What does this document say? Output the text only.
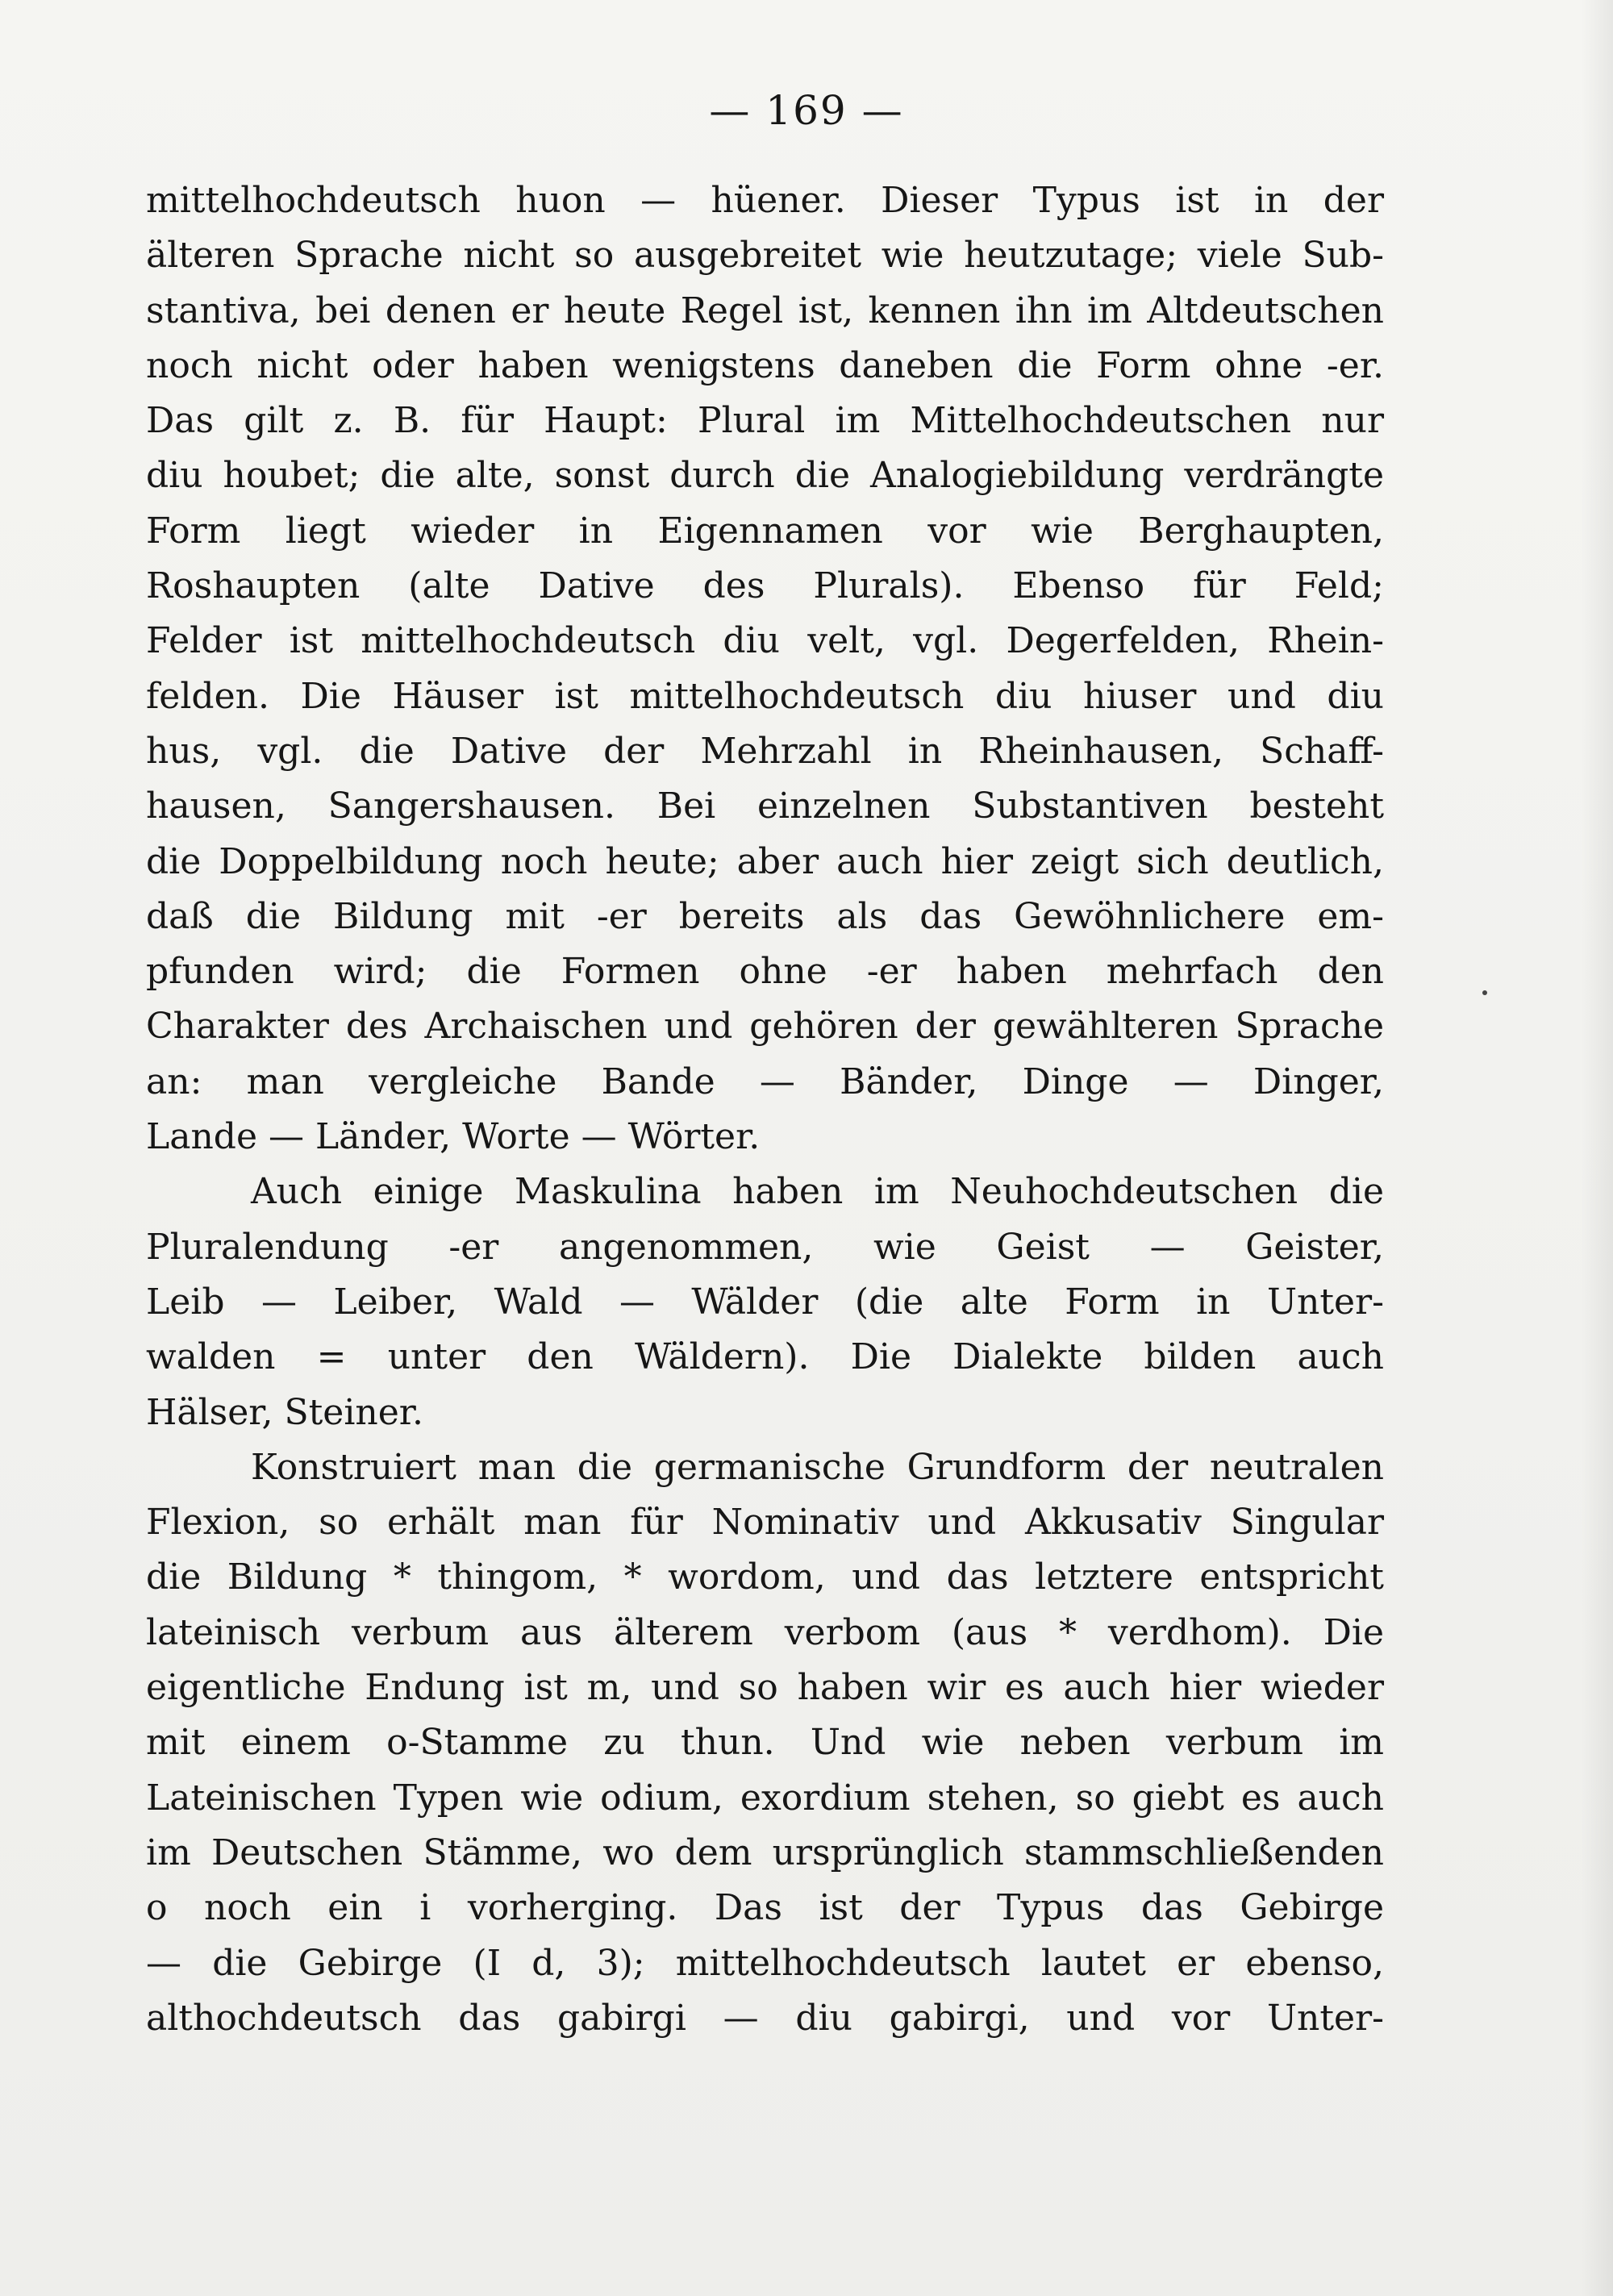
— 169 —
mittelhochdeutsch huon — hüener. Dieser Typus ist in der
älteren Sprache nicht so ausgebreitet wie heutzutage; viele Sub-
stantiva, bei denen er heute Regel ist, kennen ihn im Altdeutschen
noch nicht oder haben wenigstens daneben die Form ohne -er.
Das gilt z. B. für Haupt: Plural im Mittelhochdeutschen nur
diu houbet; die alte, sonst durch die Analogiebildung verdrängte
Form liegt wieder in Eigennamen vor wie Berghaupten,
Roshaupten (alte Dative des Plurals). Ebenso für Feld;
Felder ist mittelhochdeutsch diu velt, vgl. Degerfelden, Rhein-
felden. Die Häuser ist mittelhochdeutsch diu hiuser und diu
hus, vgl. die Dative der Mehrzahl in Rheinhausen, Schaff-
hausen, Sangershausen. Bei einzelnen Substantiven besteht
die Doppelbildung noch heute; aber auch hier zeigt sich deutlich,
daß die Bildung mit -er bereits als das Gewöhnlichere em-
pfunden wird; die Formen ohne -er haben mehrfach den
Charakter des Archaischen und gehören der gewählteren Sprache
an: man vergleiche Bande — Bänder, Dinge — Dinger,
Lande — Länder, Worte — Wörter.
Auch einige Maskulina haben im Neuhochdeutschen die
Pluralendung -er angenommen, wie Geist — Geister,
Leib — Leiber, Wald — Wälder (die alte Form in Unter-
walden = unter den Wäldern). Die Dialekte bilden auch
Hälser, Steiner.
Konstruiert man die germanische Grundform der neutralen
Flexion, so erhält man für Nominativ und Akkusativ Singular
die Bildung * thingom, * wordom, und das letztere entspricht
lateinisch verbum aus älterem verbom (aus * verdhom). Die
eigentliche Endung ist m, und so haben wir es auch hier wieder
mit einem o-Stamme zu thun. Und wie neben verbum im
Lateinischen Typen wie odium, exordium stehen, so giebt es auch
im Deutschen Stämme, wo dem ursprünglich stammschließenden
o noch ein i vorherging. Das ist der Typus das Gebirge
— die Gebirge (I d, 3); mittelhochdeutsch lautet er ebenso,
althochdeutsch das gabirgi — diu gabirgi, und vor Unter-
